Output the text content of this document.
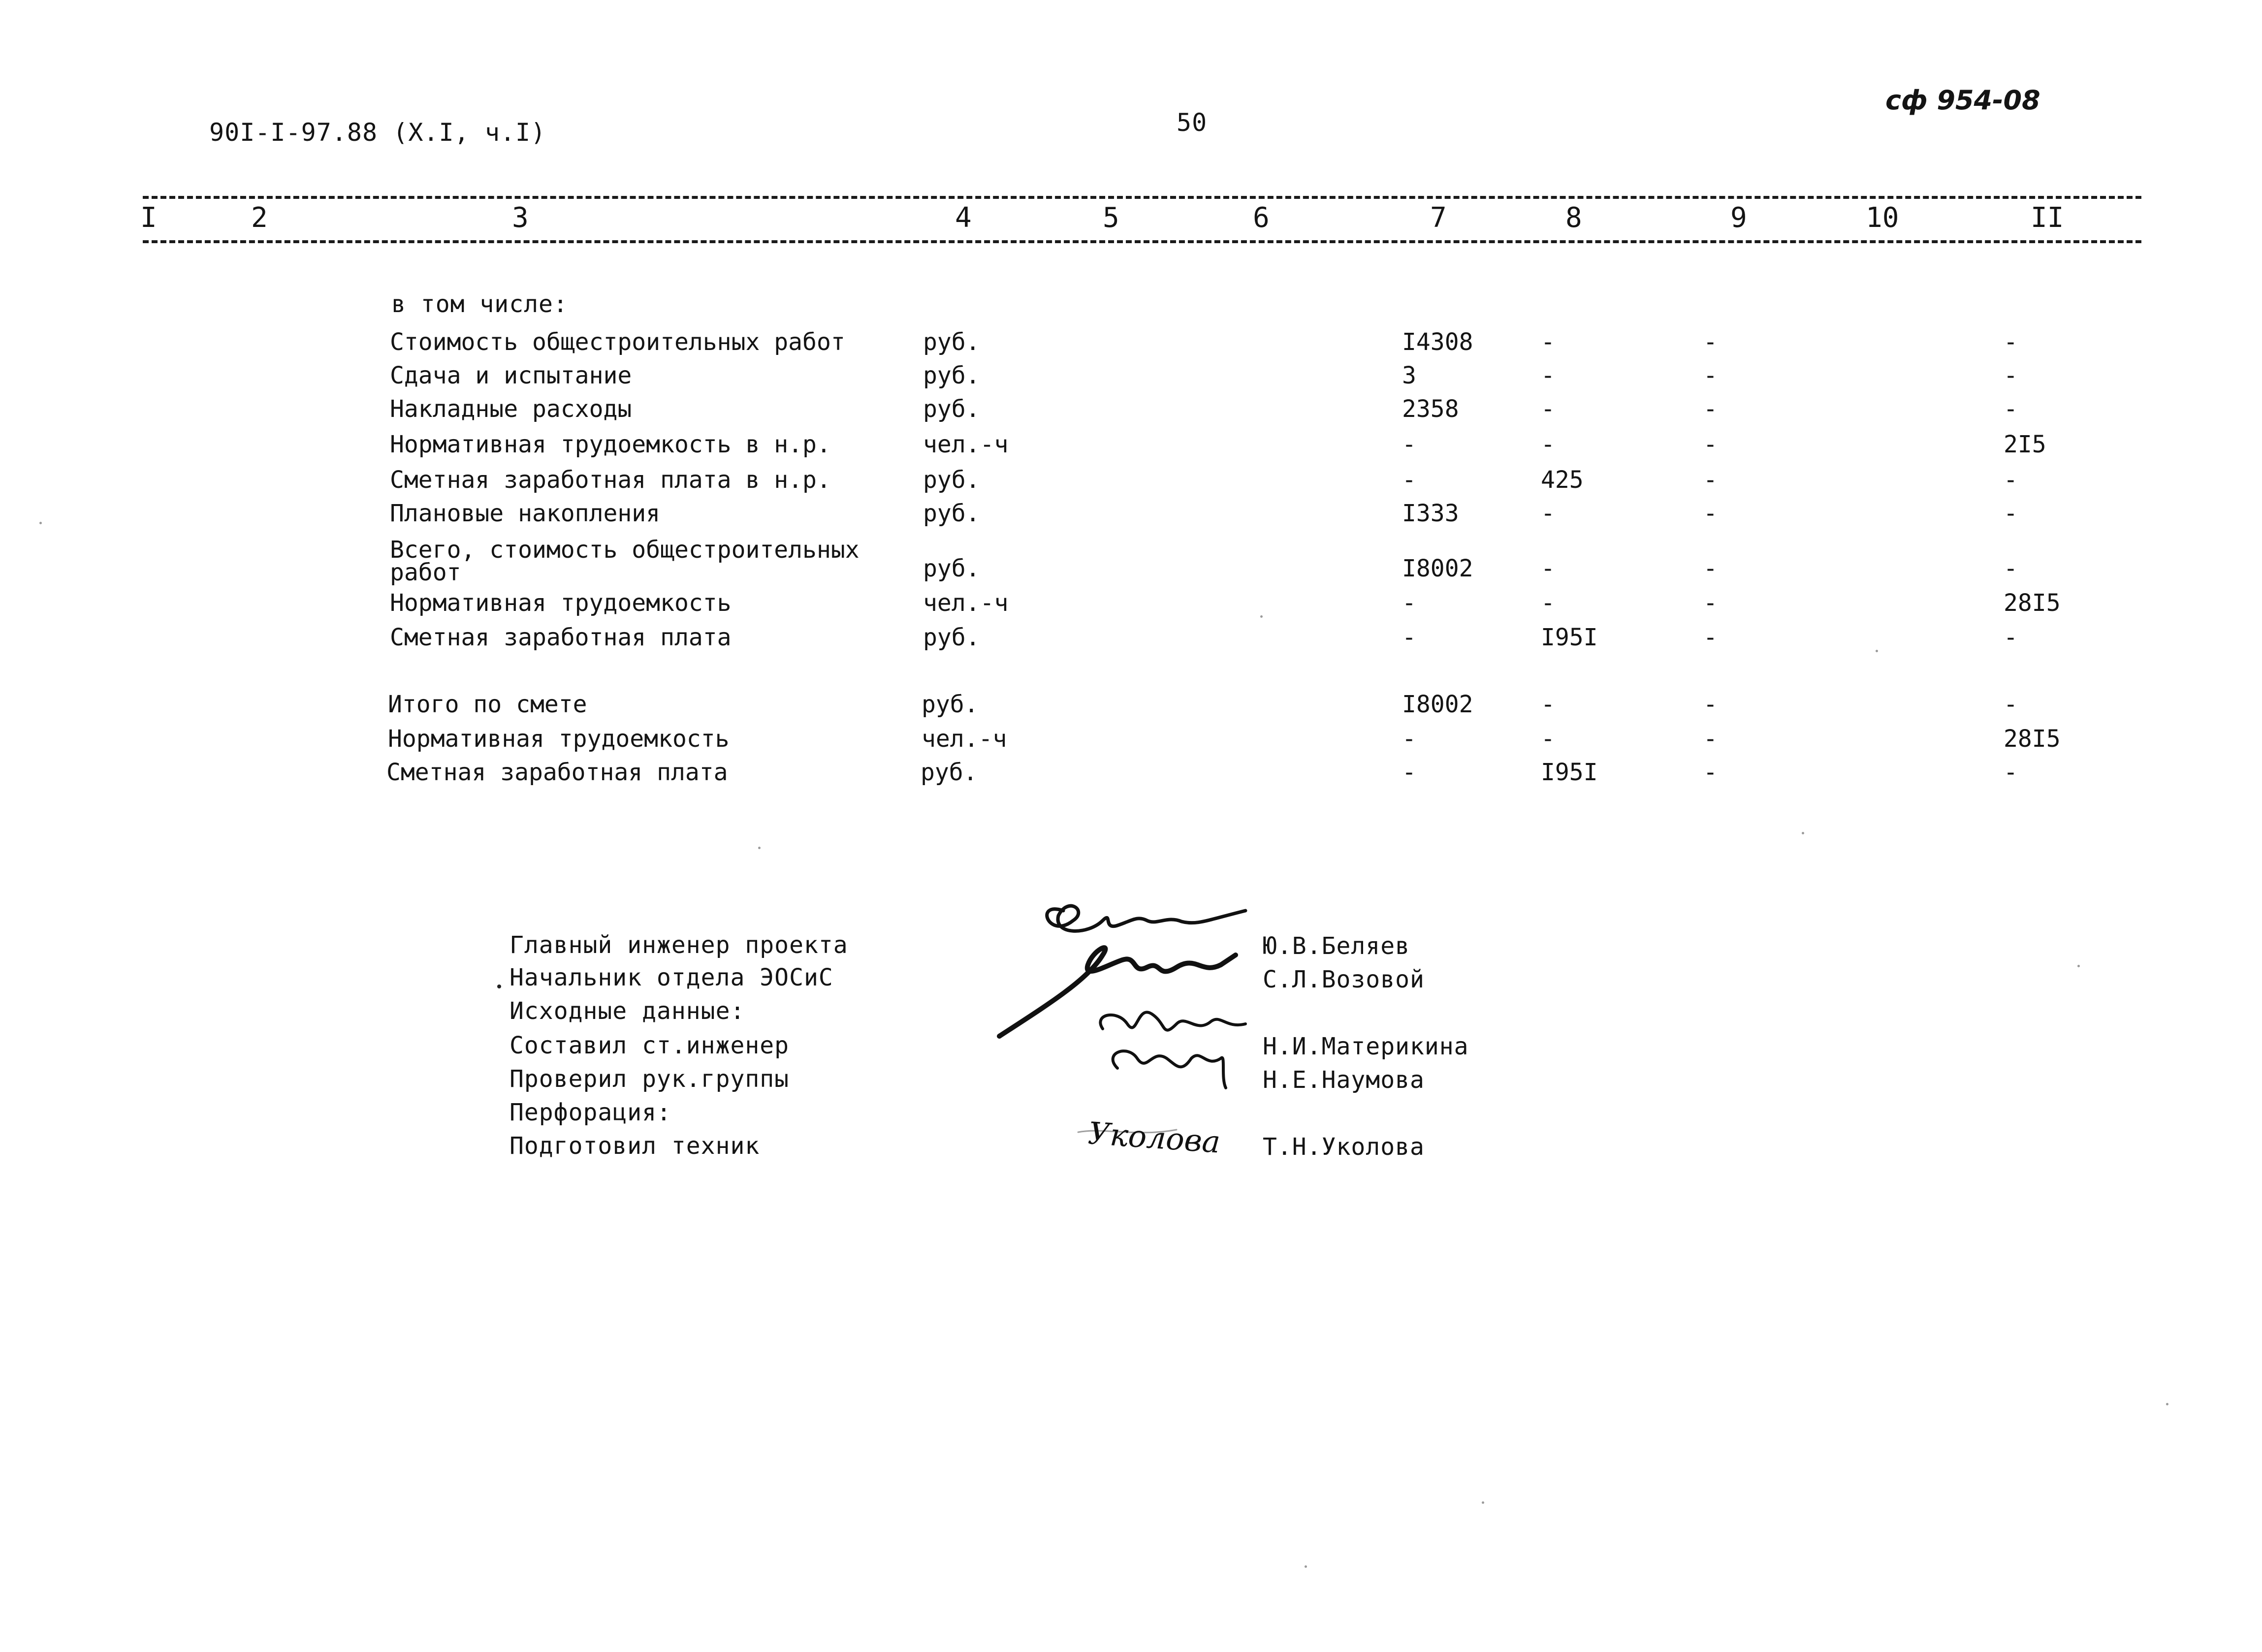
90I-I-97.88 (X.I, ч.I)	50
сф 954-08
I	2	3	4	5	6	7	8	9	10	II
в том числе:
Стоимость общестроительных работ	руб.	I4308	-	-	-
Сдача и испытание	руб.	3	-	-	-
Накладные расходы	руб.	2358	-	-	-
Нормативная трудоемкость в н.р.	чел.-ч	-	-	-	2I5
Сметная заработная плата в н.р.	руб.	-	425	-	-
Плановые накопления	руб.	I333	-	-	-
Всего, стоимость общестроительных
работ	руб.	I8002	-	-	-
Нормативная трудоемкость	чел.-ч	-	-	-	28I5
Сметная заработная плата	руб.	-	I95I	-	-
Итого по смете	руб.	I8002	-	-	-
Нормативная трудоемкость	чел.-ч	-	-	-	28I5
Сметная заработная плата	руб.	-	I95I	-	-
Главный инженер проекта
Начальник отдела ЭОСиС
Исходные данные:
Составил ст.инженер
Проверил рук.группы
Перфорация:
Подготовил техник
Ю.В.Беляев
С.Л.Возовой
Н.И.Материкина
Н.Е.Наумова
Т.Н.Уколова
Уколова
